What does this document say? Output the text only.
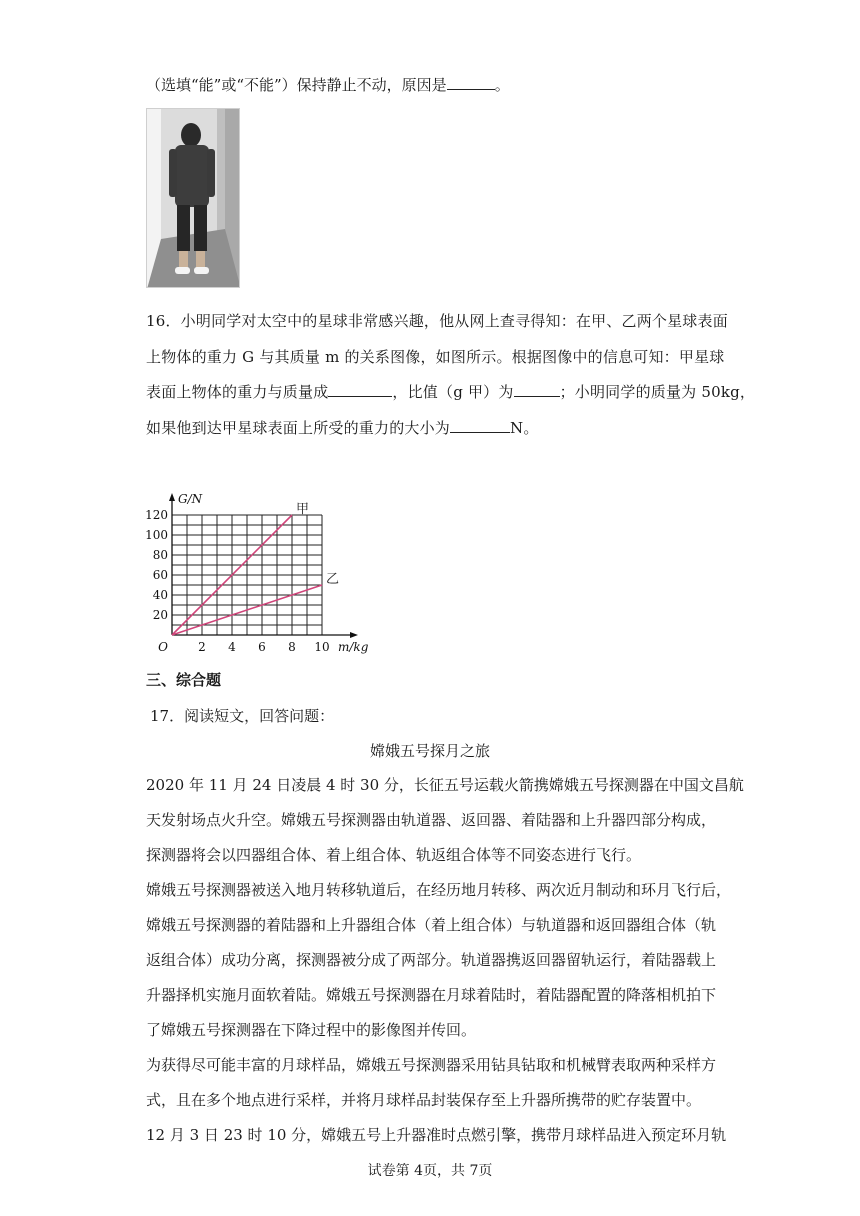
（选填“能”或“不能”）保持静止不动，原因是	。
16．小明同学对太空中的星球非常感兴趣，他从网上查寻得知：在甲、乙两个星球表面
上物体的重力 G 与其质量 m 的关系图像，如图所示。根据图像中的信息可知：甲星球
表面上物体的重力与质量成	，比值（g 甲）为	；小明同学的质量为 50kg，
如果他到达甲星球表面上所受的重力的大小为	N。
甲
乙
2 4 6 8 10
20
40
60
80
100
120
O
G/N
m/kg
三、综合题
17．阅读短文，回答问题：
嫦娥五号探月之旅
2020 年 11 月 24 日凌晨 4 时 30 分，长征五号运载火箭携嫦娥五号探测器在中国文昌航
天发射场点火升空。嫦娥五号探测器由轨道器、返回器、着陆器和上升器四部分构成，
探测器将会以四器组合体、着上组合体、轨返组合体等不同姿态进行飞行。
嫦娥五号探测器被送入地月转移轨道后，在经历地月转移、两次近月制动和环月飞行后，
嫦娥五号探测器的着陆器和上升器组合体（着上组合体）与轨道器和返回器组合体（轨
返组合体）成功分离，探测器被分成了两部分。轨道器携返回器留轨运行，着陆器载上
升器择机实施月面软着陆。嫦娥五号探测器在月球着陆时，着陆器配置的降落相机拍下
了嫦娥五号探测器在下降过程中的影像图并传回。
为获得尽可能丰富的月球样品，嫦娥五号探测器采用钻具钻取和机械臂表取两种采样方
式，且在多个地点进行采样，并将月球样品封装保存至上升器所携带的贮存装置中。
12 月 3 日 23 时 10 分，嫦娥五号上升器准时点燃引擎，携带月球样品进入预定环月轨
试卷第 4页，共 7页
